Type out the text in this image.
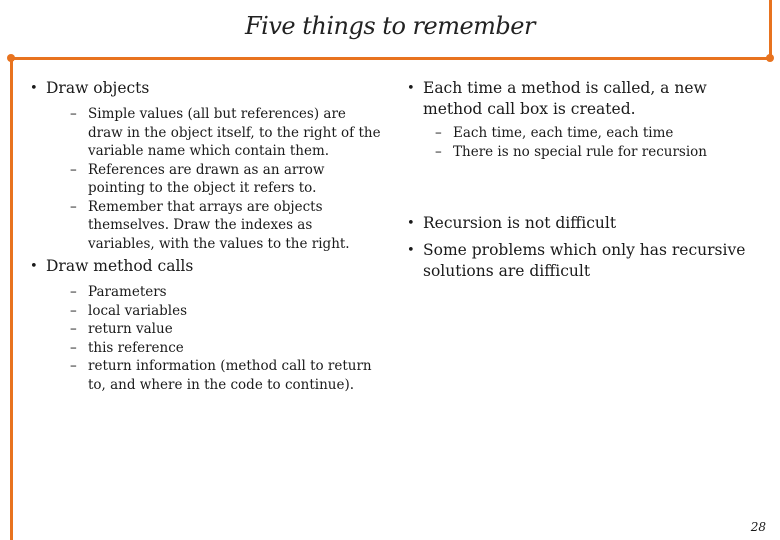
Five things to remember
• Draw objects
– Simple values (all but references) are draw in the object itself, to the right of the variable name which contain them.
– References are drawn as an arrow pointing to the object it refers to.
– Remember that arrays are objects themselves. Draw the indexes as variables, with the values to the right.
• Draw method calls
– Parameters
– local variables
– return value
– this reference
– return information (method call to return to, and where in the code to continue).
• Each time a method is called, a new method call box is created.
– Each time, each time, each time
– There is no special rule for recursion
• Recursion is not difficult
• Some problems which only has recursive solutions are difficult
28
